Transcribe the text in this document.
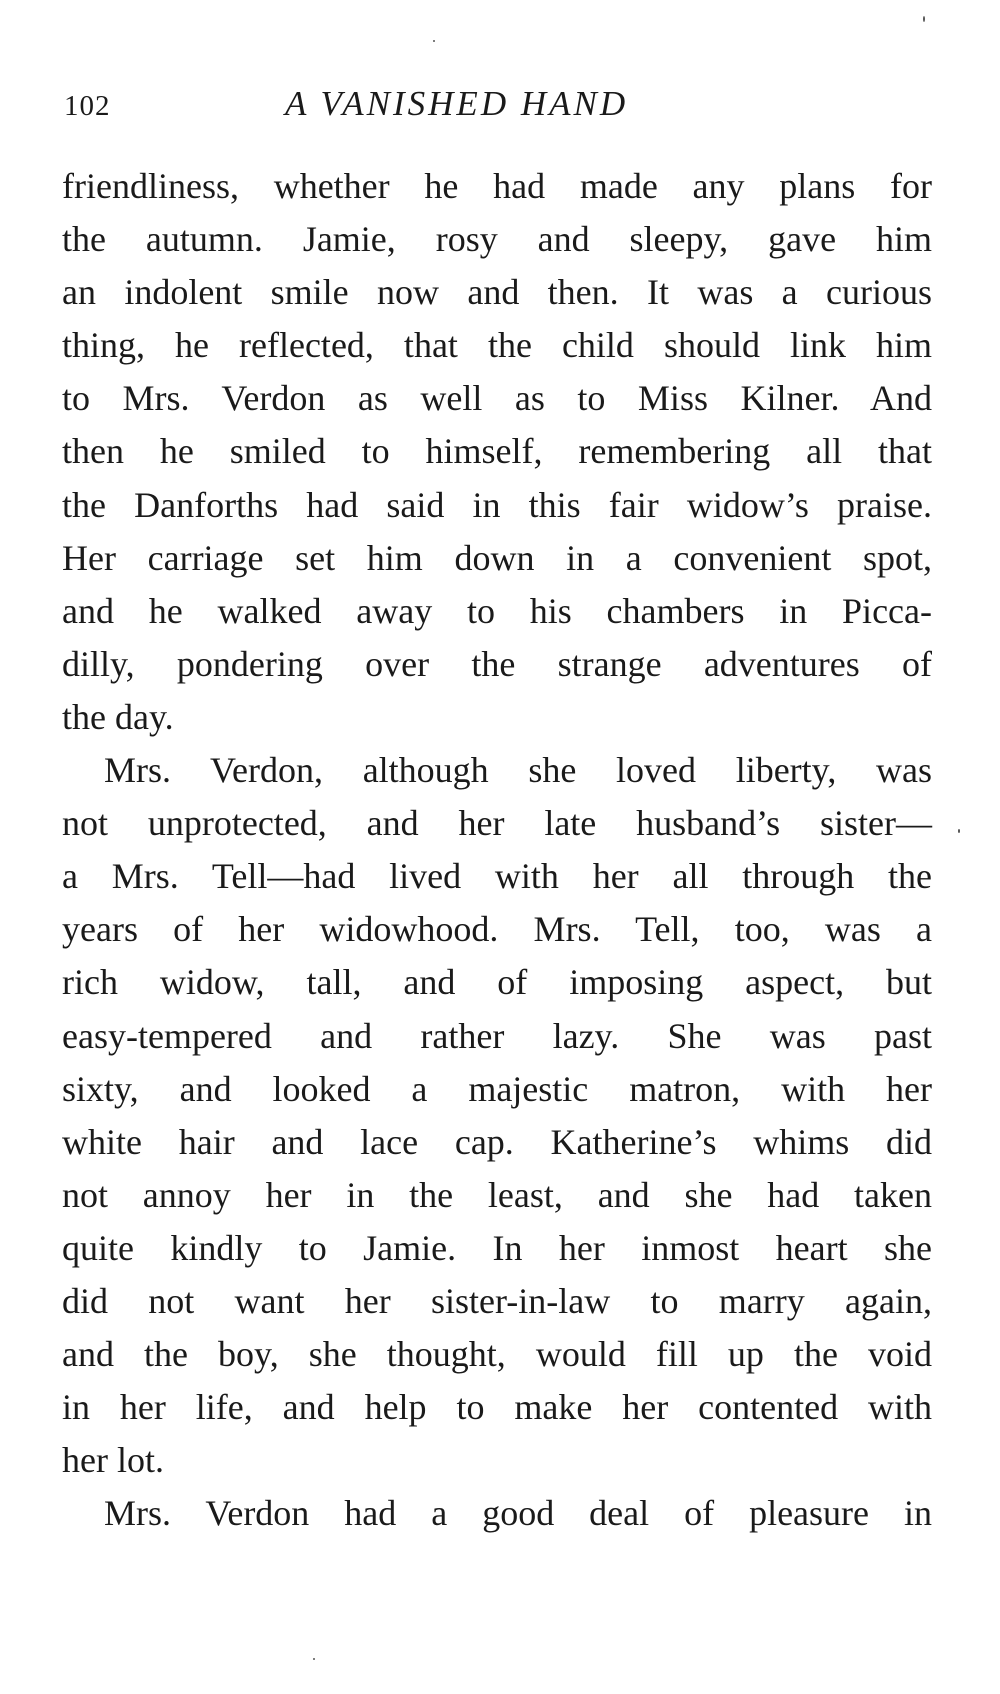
102	A VANISHED HAND
friendliness, whether he had made any plans for
the autumn. Jamie, rosy and sleepy, gave him
an indolent smile now and then. It was a curious
thing, he reflected, that the child should link him
to Mrs. Verdon as well as to Miss Kilner. And
then he smiled to himself, remembering all that
the Danforths had said in this fair widow’s praise.
Her carriage set him down in a convenient spot,
and he walked away to his chambers in Picca-
dilly, pondering over the strange adventures of
the day.
Mrs. Verdon, although she loved liberty, was
not unprotected, and her late husband’s sister—
a Mrs. Tell—had lived with her all through the
years of her widowhood. Mrs. Tell, too, was a
rich widow, tall, and of imposing aspect, but
easy-tempered and rather lazy. She was past
sixty, and looked a majestic matron, with her
white hair and lace cap. Katherine’s whims did
not annoy her in the least, and she had taken
quite kindly to Jamie. In her inmost heart she
did not want her sister-in-law to marry again,
and the boy, she thought, would fill up the void
in her life, and help to make her contented with
her lot.
Mrs. Verdon had a good deal of pleasure in
